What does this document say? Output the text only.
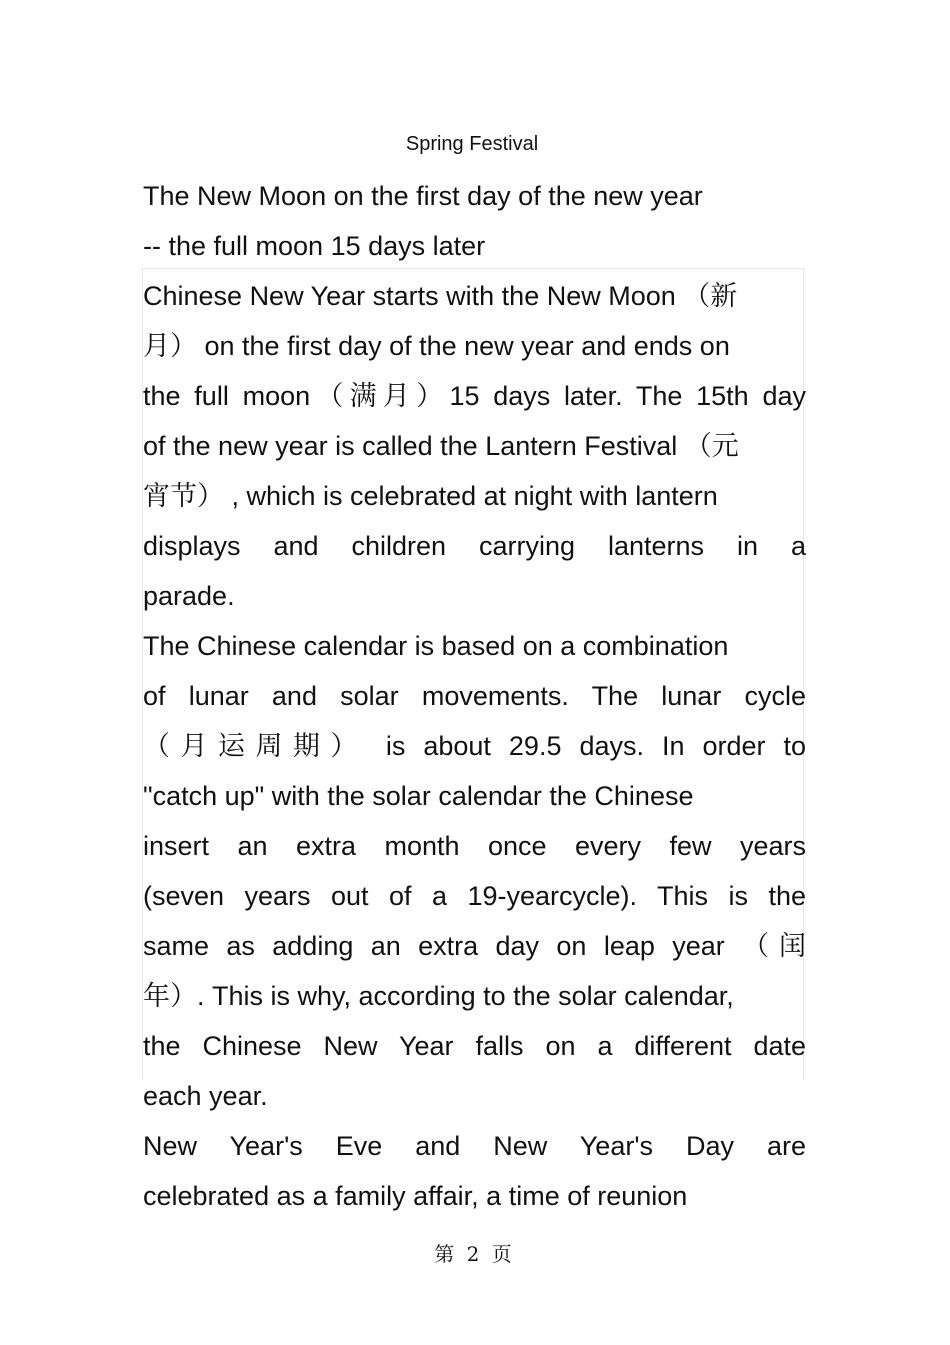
Spring Festival
The New Moon on the first day of the new year
-- the full moon 15 days later
Chinese New Year starts with the New Moon （新
月） on the first day of the new year and ends on
the full moon（满月）15 days later. The 15th day
of the new year is called the Lantern Festival （元
宵节） , which is celebrated at night with lantern
displays and children carrying lanterns in a
parade.
The Chinese calendar is based on a combination
of lunar and solar movements. The lunar cycle
（月运周期） is about 29.5 days. In order to
"catch up" with the solar calendar the Chinese
insert an extra month once every few years
(seven years out of a 19-yearcycle). This is the
same as adding an extra day on leap year （闰
年）. This is why, according to the solar calendar,
the Chinese New Year falls on a different date
each year.
New Year's Eve and New Year's Day are
celebrated as a family affair, a time of reunion
第 2 页
